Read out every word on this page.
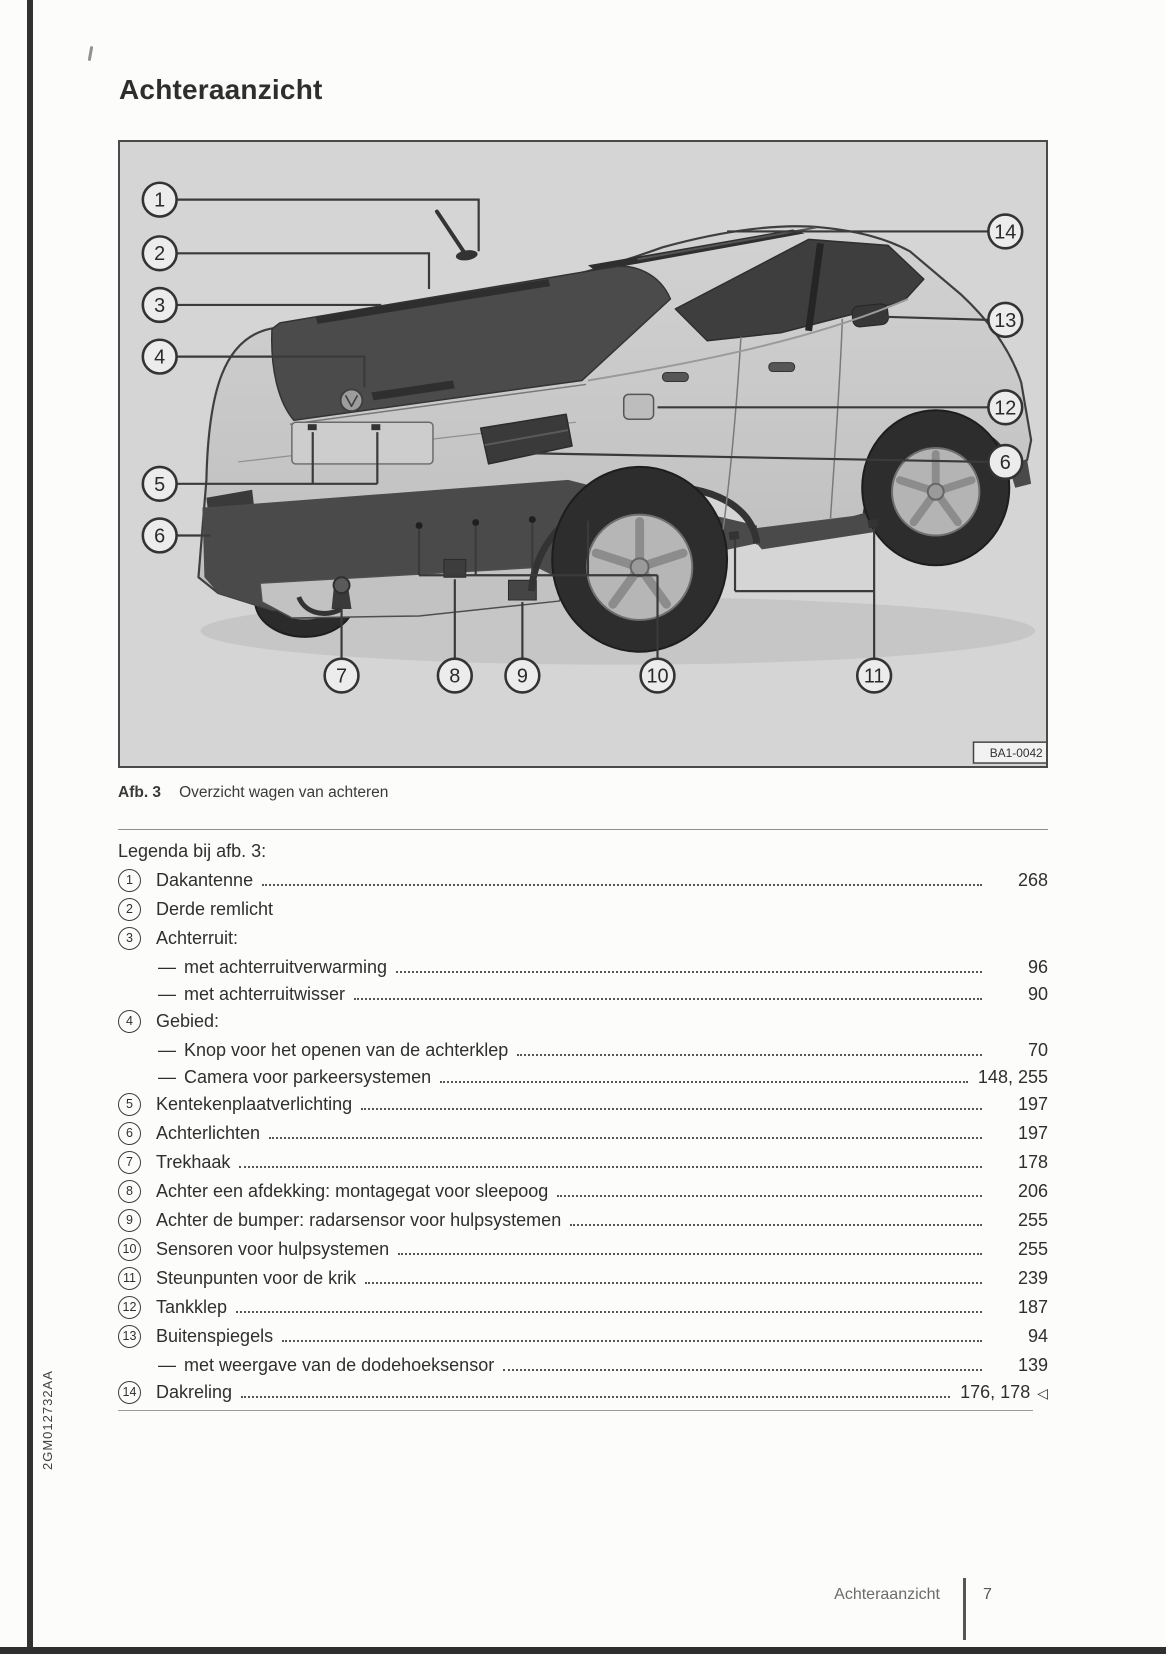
Achteraanzicht
1
2
3
4
5
6
14
13
12
6
7	8	9	10	11
BA1-0042
Afb. 3 Overzicht wagen van achteren
Legenda bij afb. 3:
1	Dakantenne	268
2	Derde remlicht
3	Achterruit:
— met achterruitverwarming	96
— met achterruitwisser	90
4	Gebied:
— Knop voor het openen van de achterklep	70
— Camera voor parkeersystemen	148, 255
5	Kentekenplaatverlichting	197
6	Achterlichten	197
7	Trekhaak	178
8	Achter een afdekking: montagegat voor sleepoog	206
9	Achter de bumper: radarsensor voor hulpsystemen	255
10 Sensoren voor hulpsystemen	255
11 Steunpunten voor de krik	239
12 Tankklep	187
13 Buitenspiegels	94
— met weergave van de dodehoeksensor	139
14 Dakreling	176, 178 ◁
2GM012732AA
Achteraanzicht	7
